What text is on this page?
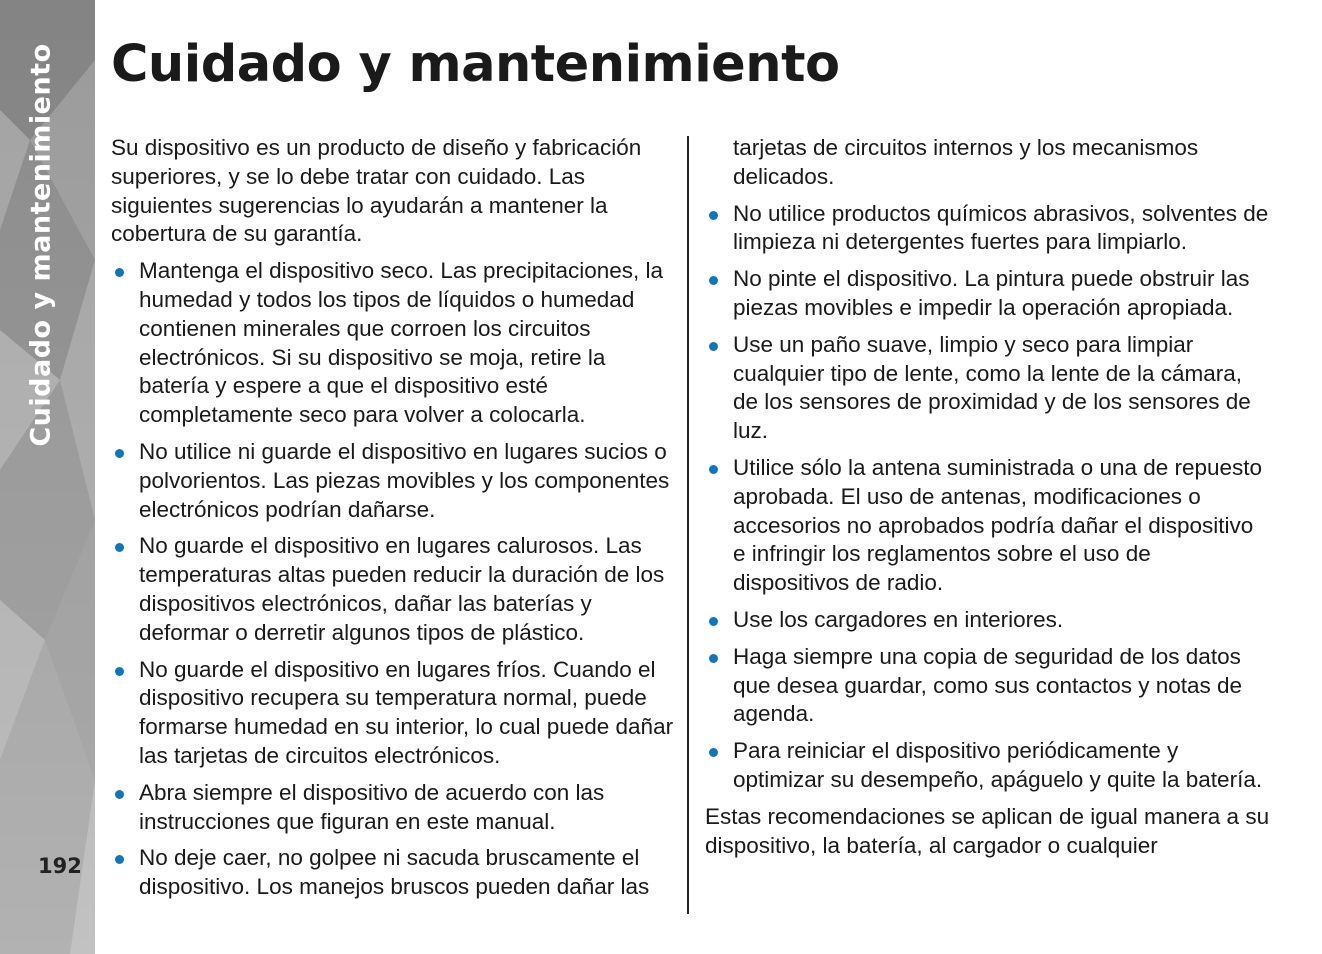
Cuidado y mantenimiento
192
Cuidado y mantenimiento

Su dispositivo es un producto de diseño y fabricación superiores, y se lo debe tratar con cuidado. Las siguientes sugerencias lo ayudarán a mantener la cobertura de su garantía.

Mantenga el dispositivo seco. Las precipitaciones, la humedad y todos los tipos de líquidos o humedad contienen minerales que corroen los circuitos electrónicos. Si su dispositivo se moja, retire la batería y espere a que el dispositivo esté completamente seco para volver a colocarla.
No utilice ni guarde el dispositivo en lugares sucios o polvorientos. Las piezas movibles y los componentes electrónicos podrían dañarse.
No guarde el dispositivo en lugares calurosos. Las temperaturas altas pueden reducir la duración de los dispositivos electrónicos, dañar las baterías y deformar o derretir algunos tipos de plástico.
No guarde el dispositivo en lugares fríos. Cuando el dispositivo recupera su temperatura normal, puede formarse humedad en su interior, lo cual puede dañar las tarjetas de circuitos electrónicos.
Abra siempre el dispositivo de acuerdo con las instrucciones que figuran en este manual.
No deje caer, no golpee ni sacuda bruscamente el dispositivo. Los manejos bruscos pueden dañar las

tarjetas de circuitos internos y los mecanismos delicados.

No utilice productos químicos abrasivos, solventes de limpieza ni detergentes fuertes para limpiarlo.
No pinte el dispositivo. La pintura puede obstruir las piezas movibles e impedir la operación apropiada.
Use un paño suave, limpio y seco para limpiar cualquier tipo de lente, como la lente de la cámara, de los sensores de proximidad y de los sensores de luz.
Utilice sólo la antena suministrada o una de repuesto aprobada. El uso de antenas, modificaciones o accesorios no aprobados podría dañar el dispositivo e infringir los reglamentos sobre el uso de dispositivos de radio.
Use los cargadores en interiores.
Haga siempre una copia de seguridad de los datos que desea guardar, como sus contactos y notas de agenda.
Para reiniciar el dispositivo periódicamente y optimizar su desempeño, apáguelo y quite la batería.

Estas recomendaciones se aplican de igual manera a su dispositivo, la batería, al cargador o cualquier
